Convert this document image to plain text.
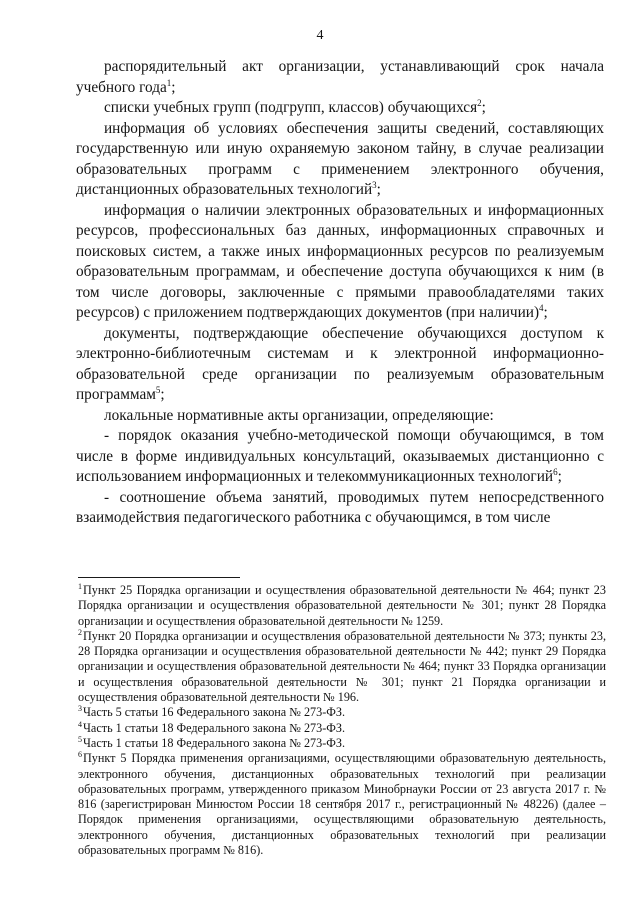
4

распорядительный акт организации, устанавливающий срок начала учебного года$^1$;

списки учебных групп (подгрупп, классов) обучающихся$^2$;

информация об условиях обеспечения защиты сведений, составляющих государственную или иную охраняемую законом тайну, в случае реализации образовательных программ с применением электронного обучения, дистанционных образовательных технологий$^3$;

информация о наличии электронных образовательных и информационных ресурсов, профессиональных баз данных, информационных справочных и поисковых систем, а также иных информационных ресурсов по реализуемым образовательным программам, и обеспечение доступа обучающихся к ним (в том числе договоры, заключенные с прямыми правообладателями таких ресурсов) с приложением подтверждающих документов (при наличии)$^4$;

документы, подтверждающие обеспечение обучающихся доступом к электронно-библиотечным системам и к электронной информационно-образовательной среде организации по реализуемым образовательным программам$^5$;

локальные нормативные акты организации, определяющие:

- порядок оказания учебно-методической помощи обучающимся, в том числе в форме индивидуальных консультаций, оказываемых дистанционно с использованием информационных и телекоммуникационных технологий$^6$;

- соотношение объема занятий, проводимых путем непосредственного взаимодействия педагогического работника с обучающимся, в том числе

$^1$Пункт 25 Порядка организации и осуществления образовательной деятельности № 464; пункт 23 Порядка организации и осуществления образовательной деятельности № 301; пункт 28 Порядка организации и осуществления образовательной деятельности № 1259.

$^2$Пункт 20 Порядка организации и осуществления образовательной деятельности № 373; пункты 23, 28 Порядка организации и осуществления образовательной деятельности № 442; пункт 29 Порядка организации и осуществления образовательной деятельности № 464; пункт 33 Порядка организации и осуществления образовательной деятельности № 301; пункт 21 Порядка организации и осуществления образовательной деятельности № 196.

$^3$Часть 5 статьи 16 Федерального закона № 273-ФЗ.

$^4$Часть 1 статьи 18 Федерального закона № 273-ФЗ.

$^5$Часть 1 статьи 18 Федерального закона № 273-ФЗ.

$^6$Пункт 5 Порядка применения организациями, осуществляющими образовательную деятельность, электронного обучения, дистанционных образовательных технологий при реализации образовательных программ, утвержденного приказом Минобрнауки России от 23 августа 2017 г. № 816 (зарегистрирован Минюстом России 18 сентября 2017 г., регистрационный № 48226) (далее – Порядок применения организациями, осуществляющими образовательную деятельность, электронного обучения, дистанционных образовательных технологий при реализации образовательных программ № 816).
